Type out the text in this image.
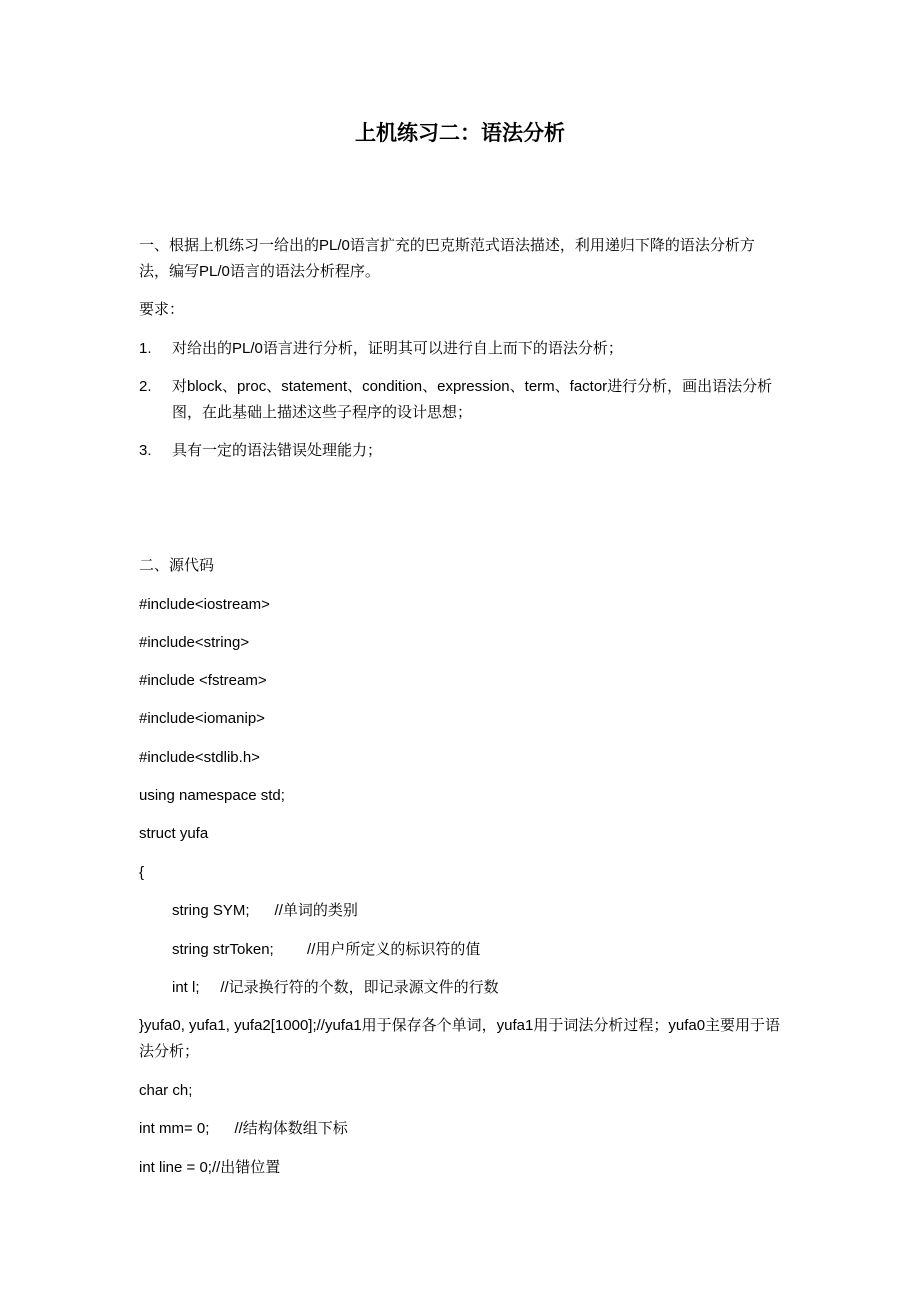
上机练习二：语法分析
一、根据上机练习一给出的PL/0语言扩充的巴克斯范式语法描述，利用递归下降的语法分析方法，编写PL/0语言的语法分析程序。
要求：
1. 对给出的PL/0语言进行分析，证明其可以进行自上而下的语法分析；
2. 对block、proc、statement、condition、expression、term、factor进行分析，画出语法分析图，在此基础上描述这些子程序的设计思想；
3. 具有一定的语法错误处理能力；
二、源代码
#include<iostream>
#include<string>
#include <fstream>
#include<iomanip>
#include<stdlib.h>
using namespace std;
struct yufa
{
string SYM;      //单词的类别
string strToken;        //用户所定义的标识符的值
int l;     //记录换行符的个数，即记录源文件的行数
}yufa0, yufa1, yufa2[1000];//yufa1用于保存各个单词，yufa1用于词法分析过程；yufa0主要用于语法分析；
char ch;
int mm= 0;      //结构体数组下标
int line = 0;//出错位置
